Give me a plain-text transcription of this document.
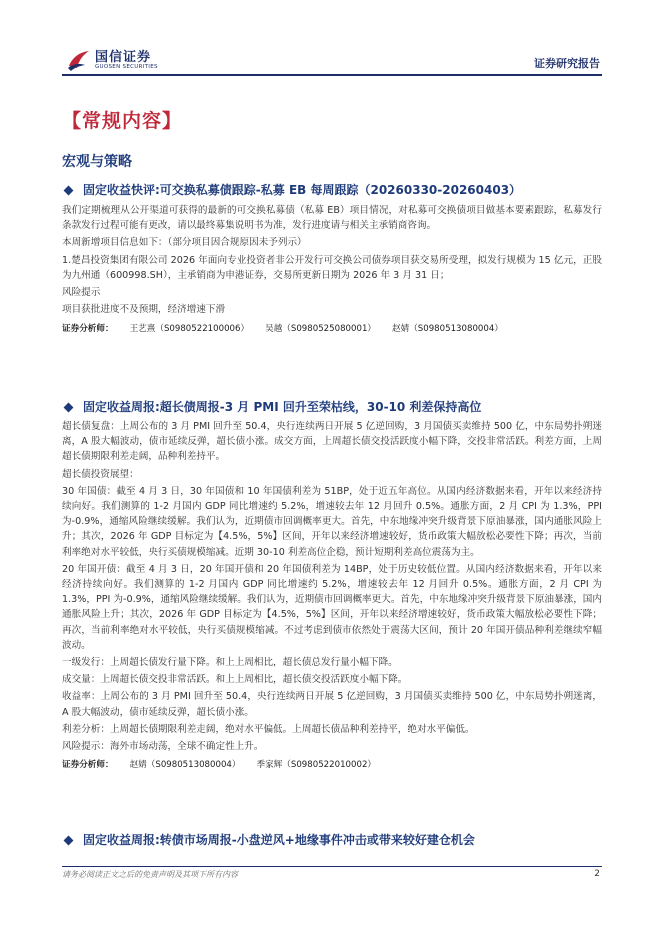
国信证券
GUOSEN SECURITIES	证券研究报告
【常规内容】
宏观与策略
固定收益快评:可交换私募债跟踪-私募 EB 每周跟踪（20260330-20260403）

我们定期梳理从公开渠道可获得的最新的可交换私募债（私募 EB）项目情况，对私募可交换债项目做基本要素跟踪，私募发行条款发行过程可能有更改，请以最终募集说明书为准，发行进度请与相关主承销商咨询。

本周新增项目信息如下：（部分项目因合规原因未予列示）

1.楚昌投资集团有限公司 2026 年面向专业投资者非公开发行可交换公司债券项目获交易所受理，拟发行规模为 15 亿元，正股为九州通（600998.SH），主承销商为申港证券，交易所更新日期为 2026 年 3 月 31 日；

风险提示

项目获批进度不及预期，经济增速下滑

证券分析师： 王艺熹（S0980522100006） 吴越（S0980525080001） 赵婧（S0980513080004）
固定收益周报:超长债周报-3 月 PMI 回升至荣枯线，30-10 利差保持高位

超长债复盘：上周公布的 3 月 PMI 回升至 50.4，央行连续两日开展 5 亿逆回购，3 月国债买卖维持 500 亿，中东局势扑朔迷离，A 股大幅波动，债市延续反弹，超长债小涨。成交方面，上周超长债交投活跃度小幅下降，交投非常活跃。利差方面，上周超长债期限利差走阔，品种利差持平。

超长债投资展望：

30 年国债：截至 4 月 3 日，30 年国债和 10 年国债利差为 51BP，处于近五年高位。从国内经济数据来看，开年以来经济持续向好。我们测算的 1-2 月国内 GDP 同比增速约 5.2%，增速较去年 12 月回升 0.5%。通胀方面，2 月 CPI 为 1.3%，PPI 为-0.9%，通缩风险继续缓解。我们认为，近期债市回调概率更大。首先，中东地缘冲突升级背景下原油暴涨，国内通胀风险上升；其次，2026 年 GDP 目标定为【4.5%，5%】区间，开年以来经济增速较好，货币政策大幅放松必要性下降；再次，当前利率绝对水平较低，央行买债规模缩减。近期 30-10 利差高位企稳，预计短期利差高位震荡为主。

20 年国开债：截至 4 月 3 日，20 年国开债和 20 年国债利差为 14BP，处于历史较低位置。从国内经济数据来看，开年以来经济持续向好。我们测算的 1-2 月国内 GDP 同比增速约 5.2%，增速较去年 12 月回升 0.5%。通胀方面，2 月 CPI 为 1.3%，PPI 为-0.9%，通缩风险继续缓解。我们认为，近期债市回调概率更大。首先，中东地缘冲突升级背景下原油暴涨，国内通胀风险上升；其次，2026 年 GDP 目标定为【4.5%，5%】区间，开年以来经济增速较好，货币政策大幅放松必要性下降；再次，当前利率绝对水平较低，央行买债规模缩减。不过考虑到债市依然处于震荡大区间，预计 20 年国开债品种利差继续窄幅波动。

一级发行：上周超长债发行量下降。和上上周相比，超长债总发行量小幅下降。

成交量：上周超长债交投非常活跃。和上上周相比，超长债交投活跃度小幅下降。

收益率：上周公布的 3 月 PMI 回升至 50.4，央行连续两日开展 5 亿逆回购，3 月国债买卖维持 500 亿，中东局势扑朔迷离，A 股大幅波动，债市延续反弹，超长债小涨。

利差分析：上周超长债期限利差走阔，绝对水平偏低。上周超长债品种利差持平，绝对水平偏低。

风险提示：海外市场动荡，全球不确定性上升。

证券分析师： 赵婧（S0980513080004） 季家辉（S0980522010002）
固定收益周报:转债市场周报-小盘逆风+地缘事件冲击或带来较好建仓机会
请务必阅读正文之后的免责声明及其项下所有内容	2
